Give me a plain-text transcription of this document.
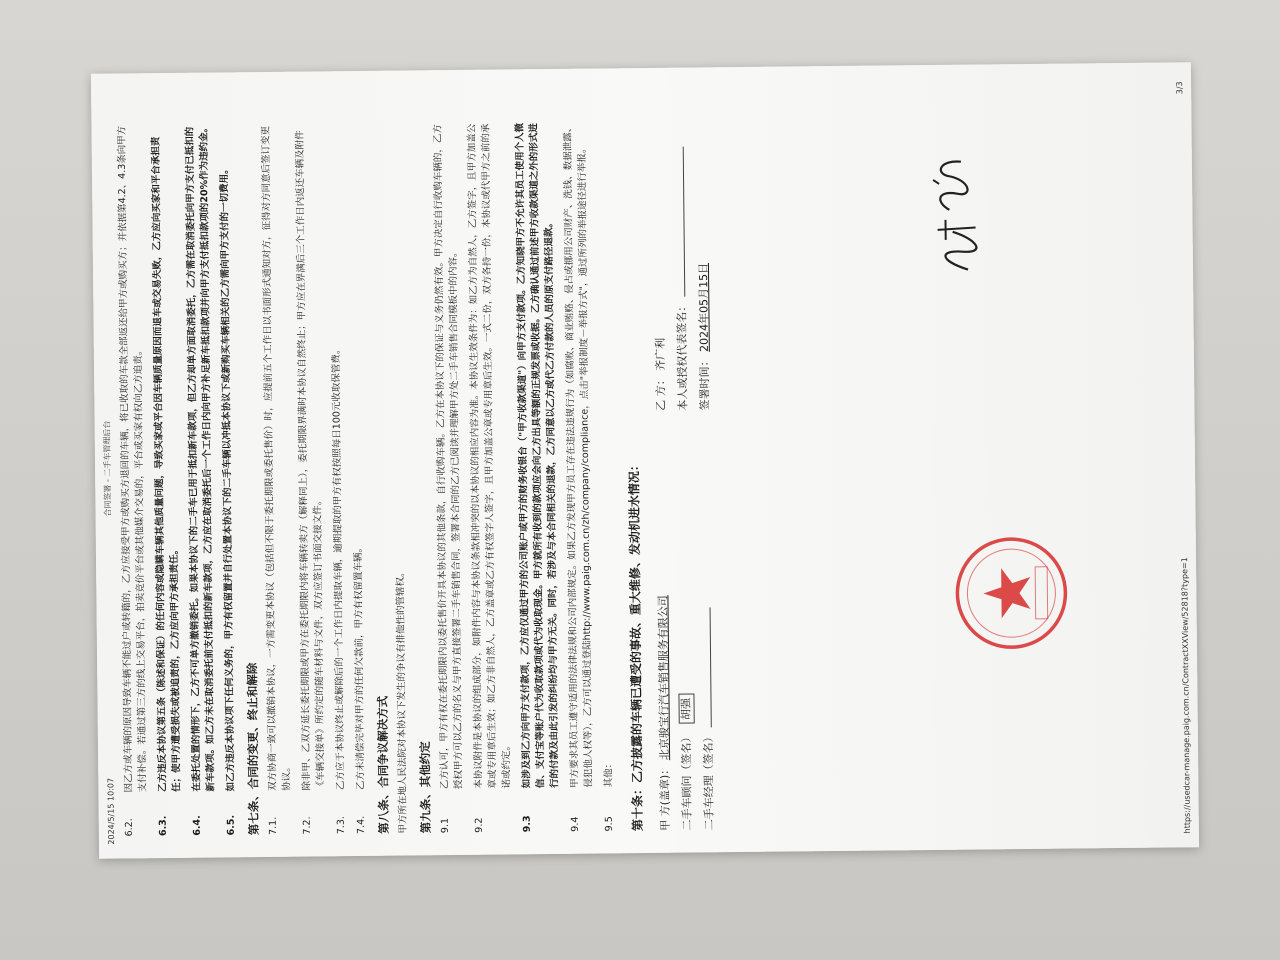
2024/5/15 10:07
合同签署 - 二手车管理后台
6.2.
因乙方或车辆的原因导致车辆不能过户或转籍的，乙方应接受甲方或购买方退回的车辆，将已收取的车款全部返还给甲方或购买方；并依据第4.2、4.3条向甲方支付补偿。若通过第三方的线上交易平台，拍卖竞价平台或其他媒介交易的，平台或买家有权向乙方追责。
6.3.
乙方违反本协议第五条（陈述和保证）的任何内容或隐瞒车辆其他质量问题，导致买家或平台因车辆质量原因而退车或交易失败，乙方应向买家和平台承担责任；使甲方遭受损失或被追责的，乙方应向甲方承担责任。
6.4.
在委托处置的情形下，乙方不可单方撤销委托。如果本协议下的二手车已用于抵扣新车款项，但乙方却单方面取消委托，乙方需在取消委托向甲方支付已抵扣的新车款项。如乙方未在取消委托前支付抵扣的新车款项，乙方应在取消委托后一个工作日内向甲方补足新车抵扣款项并向甲方支付抵扣款项的20%作为违约金。
6.5.
如乙方违反本协议项下任何义务的，甲方有权留置并自行处置本协议下的二手车辆以冲抵本协议下或新购买车辆相关的乙方需向甲方支付的一切费用。 第七条、合同的变更、终止和解除 7.1.
双方协商一致可以撤销本协议，一方需变更本协议（包括但不限于委托期限或委托售价）时，应提前五个工作日以书面形式通知对方，征得对方同意后签订变更协议。
7.2.
除非甲、乙双方延长委托期限或甲方在委托期限内将车辆转卖方（解释同上），委托期限界满时本协议自然终止；甲方应在界满后三个工作日内返还车辆及附件《车辆交接单》所约定的随车材料与文件，双方应签订书面交接文件。
7.3.
乙方应于本协议终止或解除后的一个工作日内提取车辆，逾期提取的甲方有权按照每日100元收取保管费。
7.4.
乙方未清偿完毕对甲方的任何欠款前，甲方有权留置车辆。 第八条、合同争议解决方式 甲方所在地人民法院对本协议下发生的争议有排他性的管辖权。 第九条、其他约定 9.1
乙方认可，甲方有权在委托期限内以委托售价开具本协议的其他条款，自行收购车辆。乙方在本协议下的保证与义务仍然有效。甲方决定自行收购车辆的，乙方授权甲方可以乙方的名义与甲方直接签署二手车销售合同，签署本合同的乙方已阅读并理解甲方处二手车销售合同模板中的内容。
9.2
本协议附件是本协议的组成部分，如附件内容与本协议条款相冲突的以本协议的相应内容为准。本协议生效条件为：如乙方为自然人，乙方签字，且甲方加盖公章或专用章后生效；如乙方非自然人，乙方盖章或乙方有权签字人签字，且甲方加盖公章或专用章后生效。一式二份，双方各持一份，本协议或代甲方之前的承诺或约定。
9.3
如涉及到乙方向甲方支付款项，乙方应仅通过甲方的公司账户或甲方的财务收银台（"甲方收款渠道"）向甲方支付款项。乙方知晓甲方不允许其员工使用个人微信、支付宝等账户代为收取款项或代为收取现金。甲方就所有收到的款项应会向乙方出具等额的正规发票或收据。乙方确认通过前述甲方收款渠道之外的形式进行的付款及由此引发的纠纷均与甲方无关。同时，若涉及与本合同相关的退款，乙方同意以乙方或代乙方付款的人员的原支付路径退款。
9.4
甲方要求其员工遵守适用的法律法规和公司内部规定。如果乙方发现甲方员工存在违法违规行为（如腐败、商业贿赂、侵占或挪用公司财产、洗钱、数据泄露、侵犯他人权等），乙方可以通过登陆http://www.paig.com.cn/zh/company/compliance，点击"举报制度－举报方式"，通过所列的举报途径进行举报。
9.5
其他：	第十条：乙方披露的车辆已遭受的事故、重大维修、发动机进水情况：	甲 方(盖章)： 北京骏宝行汽车销售服务有限公司
乙 方： 齐广利
二手车顾问（签名） 胡强
本人或授权代表签名：
二手车经理（签名）
签署时间： 2024年05月15日
https://usedcar-manage.paig.com.cn/ContractXXView/52818?type=1
3/3
